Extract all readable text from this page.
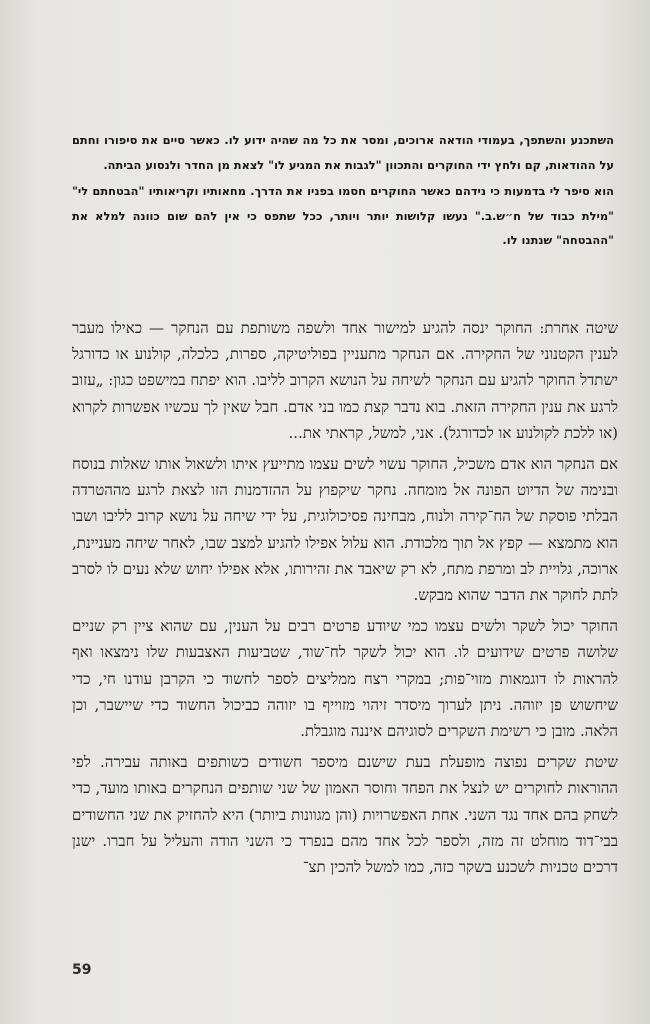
השתכנע והשתפך, בעמודי הודאה ארוכים, ומסר את כל מה שהיה ידוע לו. כאשר סיים את סיפורו וחתם על ההודאות, קם ולחץ ידי החוקרים והתכוון "לגבות את המגיע לו" לצאת מן החדר ולנסוע הביתה.

הוא סיפר לי בדמעות כי נידהם כאשר החוקרים חסמו בפניו את הדרך. מחאותיו וקריאותיו "הבטחתם לי" "מילת כבוד של ח״ש.ב." נעשו קלושות יותר ויותר, ככל שתפס כי אין להם שום כוונה למלא את "ההבטחה" שנתנו לו.

שיטה אחרת: החוקר ינסה להגיע למישור אחד ולשפה משותפת עם הנחקר — כאילו מעבר לענין הקטנוני של החקירה. אם הנחקר מתעניין בפוליטיקה, ספרות, כלכלה, קולנוע או כדורגל ישתדל החוקר להגיע עם הנחקר לשיחה על הנושא הקרוב לליבו. הוא יפתח במישפט כגון: „עזוב לרגע את ענין החקירה הזאת. בוא נדבר קצת כמו בני אדם. חבל שאין לך עכשיו אפשרות לקרוא (או ללכת לקולנוע או לכדורגל). אני, למשל, קראתי את...

אם הנחקר הוא אדם משכיל, החוקר עשוי לשים עצמו מתייעץ איתו ולשאול אותו שאלות בנוסח ובנימה של הדיוט הפונה אל מומחה. נחקר שיקפוץ על ההזדמנות הזו לצאת לרגע מההטרדה הבלתי פוסקת של הח־קירה ולנוח, מבחינה פסיכולוגית, על ידי שיחה על נושא קרוב לליבו ושבו הוא מתמצא — קפץ אל תוך מלכודת. הוא עלול אפילו להגיע למצב שבו, לאחר שיחה מעניינת, ארוכה, גלויית לב ומרפת מתח, לא רק שיאבד את זהירותו, אלא אפילו יחוש שלא נעים לו לסרב לתת לחוקר את הדבר שהוא מבקש.

החוקר יכול לשקר ולשים עצמו כמי שיודע פרטים רבים על הענין, עם שהוא ציין רק שניים שלושה פרטים שידועים לו. הוא יכול לשקר לח־שוד, שטביעות האצבעות שלו נימצאו ואף להראות לו דוגמאות מזוי־פות; במקרי רצח ממליצים לספר לחשוד כי הקרבן עודנו חי, כדי שיחשוש פן יזוהה. ניתן לערוך מיסדר זיהוי מזוייף בו יזוהה כביכול החשוד כדי שיישבר, וכן הלאה. מובן כי רשימת השקרים לסוגיהם איננה מוגבלת.

שיטת שקרים נפוצה מופעלת בעת שישנם מיספר חשודים כשותפים באותה עבירה. לפי ההוראות לחוקרים יש לנצל את הפחד וחוסר האמון של שני שותפים הנחקרים באותו מועד, כדי לשחק בהם אחד נגד השני. אחת האפשרויות (והן מגוונות ביותר) היא להחזיק את שני החשודים בבי־דוד מוחלט זה מזה, ולספר לכל אחד מהם בנפרד כי השני הודה והעליל על חברו. ישנן דרכים טכניות לשכנע בשקר כזה, כמו למשל להכין תצ־

59
